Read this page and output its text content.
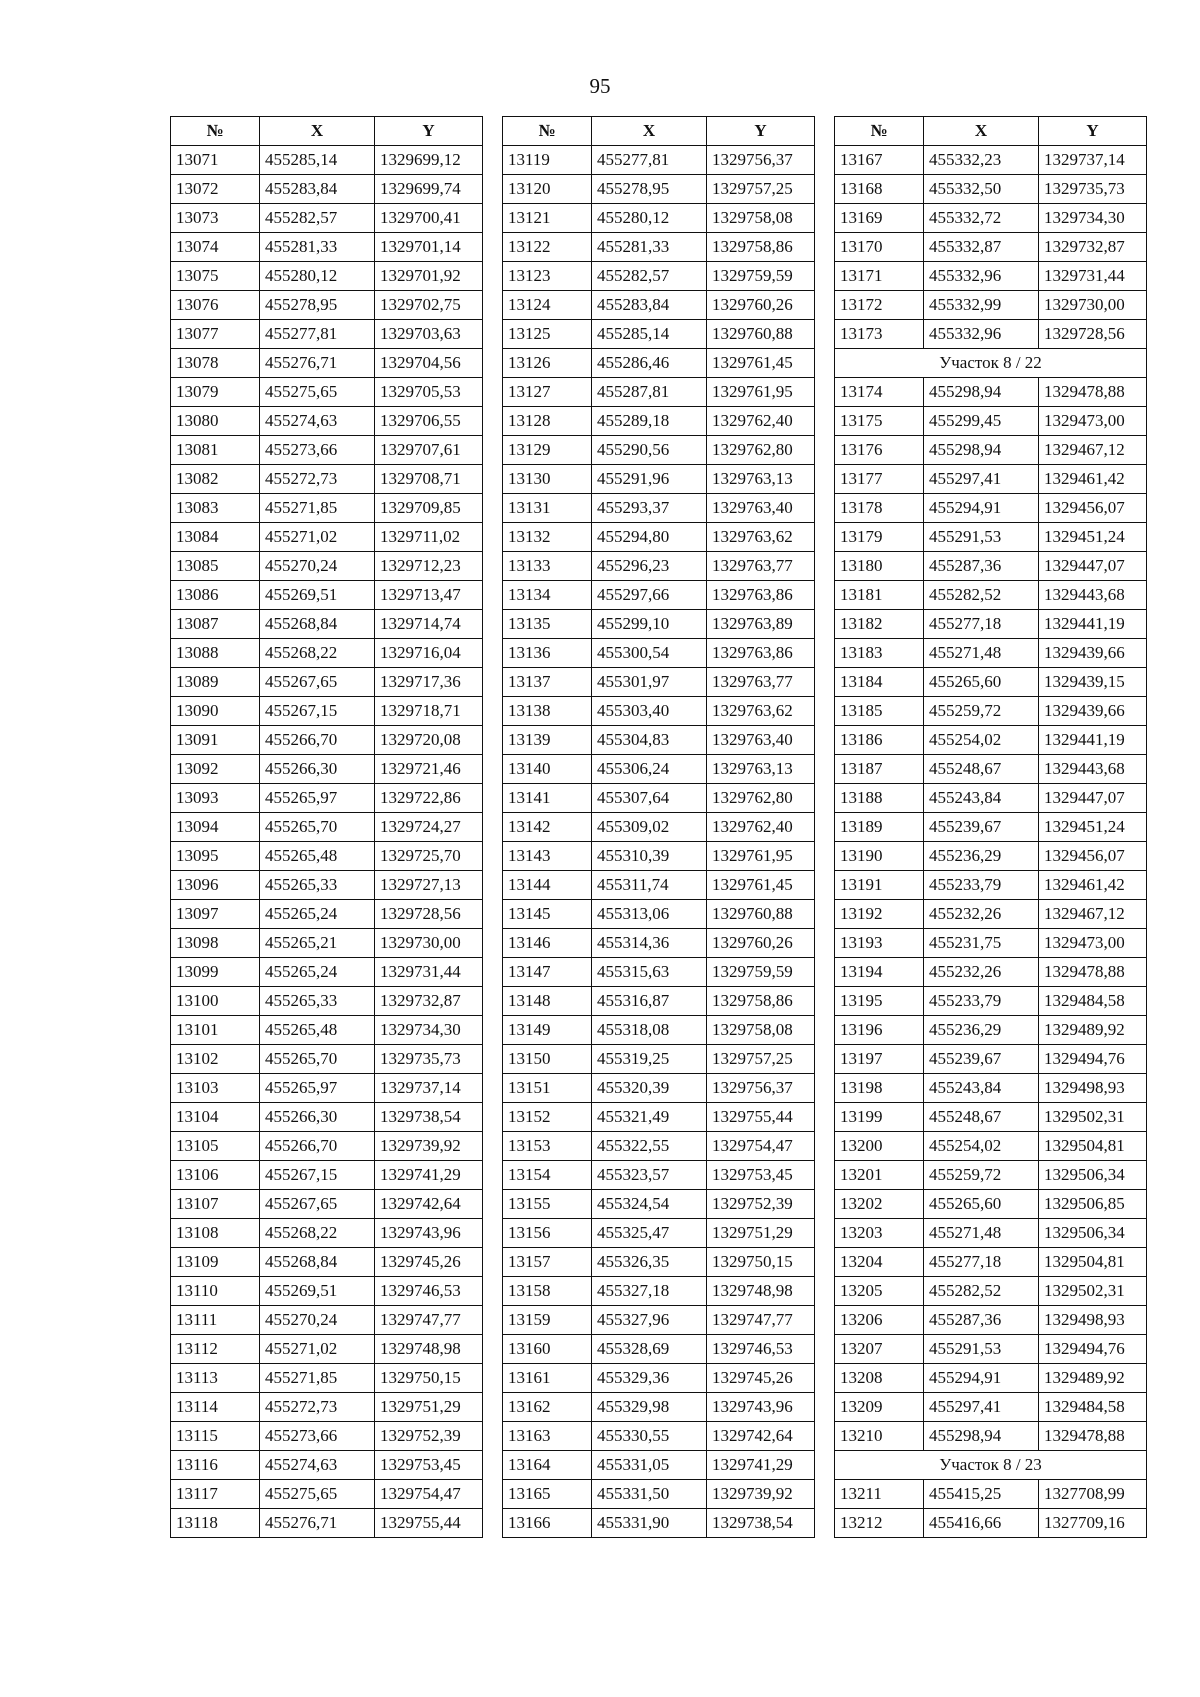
95
№	X	Y
13071	455285,14	1329699,12
13072	455283,84	1329699,74
13073	455282,57	1329700,41
13074	455281,33	1329701,14
13075	455280,12	1329701,92
13076	455278,95	1329702,75
13077	455277,81	1329703,63
13078	455276,71	1329704,56
13079	455275,65	1329705,53
13080	455274,63	1329706,55
13081	455273,66	1329707,61
13082	455272,73	1329708,71
13083	455271,85	1329709,85
13084	455271,02	1329711,02
13085	455270,24	1329712,23
13086	455269,51	1329713,47
13087	455268,84	1329714,74
13088	455268,22	1329716,04
13089	455267,65	1329717,36
13090	455267,15	1329718,71
13091	455266,70	1329720,08
13092	455266,30	1329721,46
13093	455265,97	1329722,86
13094	455265,70	1329724,27
13095	455265,48	1329725,70
13096	455265,33	1329727,13
13097	455265,24	1329728,56
13098	455265,21	1329730,00
13099	455265,24	1329731,44
13100	455265,33	1329732,87
13101	455265,48	1329734,30
13102	455265,70	1329735,73
13103	455265,97	1329737,14
13104	455266,30	1329738,54
13105	455266,70	1329739,92
13106	455267,15	1329741,29
13107	455267,65	1329742,64
13108	455268,22	1329743,96
13109	455268,84	1329745,26
13110	455269,51	1329746,53
13111	455270,24	1329747,77
13112	455271,02	1329748,98
13113	455271,85	1329750,15
13114	455272,73	1329751,29
13115	455273,66	1329752,39
13116	455274,63	1329753,45
13117	455275,65	1329754,47
13118	455276,71	1329755,44
№	X	Y
13119	455277,81	1329756,37
13120	455278,95	1329757,25
13121	455280,12	1329758,08
13122	455281,33	1329758,86
13123	455282,57	1329759,59
13124	455283,84	1329760,26
13125	455285,14	1329760,88
13126	455286,46	1329761,45
13127	455287,81	1329761,95
13128	455289,18	1329762,40
13129	455290,56	1329762,80
13130	455291,96	1329763,13
13131	455293,37	1329763,40
13132	455294,80	1329763,62
13133	455296,23	1329763,77
13134	455297,66	1329763,86
13135	455299,10	1329763,89
13136	455300,54	1329763,86
13137	455301,97	1329763,77
13138	455303,40	1329763,62
13139	455304,83	1329763,40
13140	455306,24	1329763,13
13141	455307,64	1329762,80
13142	455309,02	1329762,40
13143	455310,39	1329761,95
13144	455311,74	1329761,45
13145	455313,06	1329760,88
13146	455314,36	1329760,26
13147	455315,63	1329759,59
13148	455316,87	1329758,86
13149	455318,08	1329758,08
13150	455319,25	1329757,25
13151	455320,39	1329756,37
13152	455321,49	1329755,44
13153	455322,55	1329754,47
13154	455323,57	1329753,45
13155	455324,54	1329752,39
13156	455325,47	1329751,29
13157	455326,35	1329750,15
13158	455327,18	1329748,98
13159	455327,96	1329747,77
13160	455328,69	1329746,53
13161	455329,36	1329745,26
13162	455329,98	1329743,96
13163	455330,55	1329742,64
13164	455331,05	1329741,29
13165	455331,50	1329739,92
13166	455331,90	1329738,54
№	X	Y
13167	455332,23	1329737,14
13168	455332,50	1329735,73
13169	455332,72	1329734,30
13170	455332,87	1329732,87
13171	455332,96	1329731,44
13172	455332,99	1329730,00
13173	455332,96	1329728,56
Участок 8 / 22		
13174	455298,94	1329478,88
13175	455299,45	1329473,00
13176	455298,94	1329467,12
13177	455297,41	1329461,42
13178	455294,91	1329456,07
13179	455291,53	1329451,24
13180	455287,36	1329447,07
13181	455282,52	1329443,68
13182	455277,18	1329441,19
13183	455271,48	1329439,66
13184	455265,60	1329439,15
13185	455259,72	1329439,66
13186	455254,02	1329441,19
13187	455248,67	1329443,68
13188	455243,84	1329447,07
13189	455239,67	1329451,24
13190	455236,29	1329456,07
13191	455233,79	1329461,42
13192	455232,26	1329467,12
13193	455231,75	1329473,00
13194	455232,26	1329478,88
13195	455233,79	1329484,58
13196	455236,29	1329489,92
13197	455239,67	1329494,76
13198	455243,84	1329498,93
13199	455248,67	1329502,31
13200	455254,02	1329504,81
13201	455259,72	1329506,34
13202	455265,60	1329506,85
13203	455271,48	1329506,34
13204	455277,18	1329504,81
13205	455282,52	1329502,31
13206	455287,36	1329498,93
13207	455291,53	1329494,76
13208	455294,91	1329489,92
13209	455297,41	1329484,58
13210	455298,94	1329478,88
Участок 8 / 23		
13211	455415,25	1327708,99
13212	455416,66	1327709,16
